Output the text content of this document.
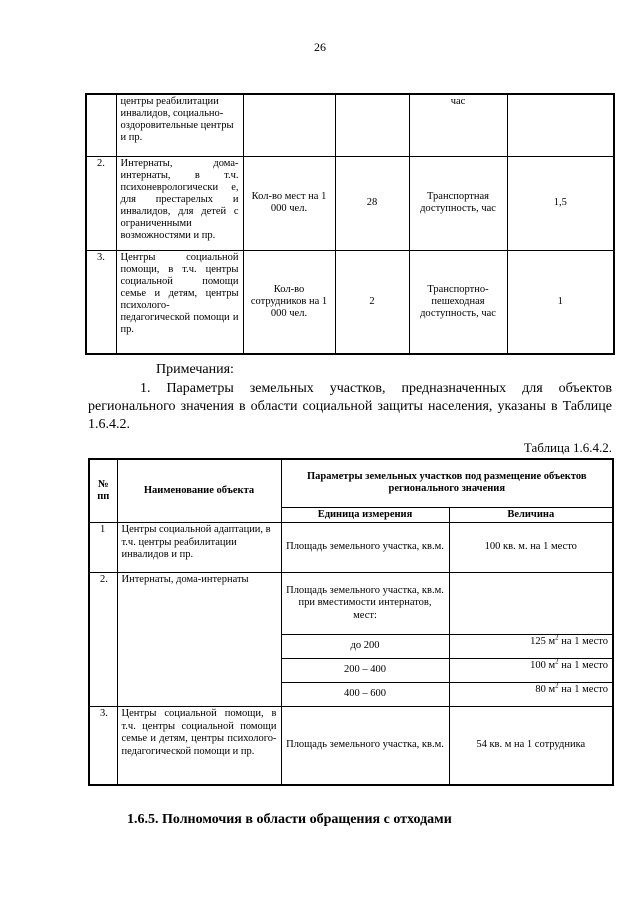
26
	центры реабилитации инвалидов, социально-оздоровительные центры и пр.			час	
2.	Интернаты, дома-интернаты, в т.ч. психоневрологически е, для престарелых и инвалидов, для детей с ограниченными возможностями и пр.	Кол-во мест на 1 000 чел.	28	Транспортная доступность, час	1,5
3.	Центры социальной помощи, в т.ч. центры социальной помощи семье и детям, центры психолого-педагогической помощи и пр.	Кол-во сотрудников на 1 000 чел.	2	Транспортно-пешеходная доступность, час	1
Примечания:
1. Параметры земельных участков, предназначенных для объектов регионального значения в области социальной защиты населения, указаны в Таблице 1.6.4.2.
Таблица 1.6.4.2.
№ пп	Наименование объекта	Параметры земельных участков под размещение объектов регионального значения	
		Единица измерения	Величина
1	Центры социальной адаптации, в т.ч. центры реабилитации инвалидов и пр.	Площадь земельного участка, кв.м.	100 кв. м. на 1 место
2.	Интернаты, дома-интернаты	Площадь земельного участка, кв.м. при вместимости интернатов, мест:	
		до 200	125 $м^2$ на 1 место
		200 – 400	100 $м^2$ на 1 место
		400 – 600	80 $м^2$ на 1 место
3.	Центры социальной помощи, в т.ч. центры социальной помощи семье и детям, центры психолого-педагогической помощи и пр.	Площадь земельного участка, кв.м.	54 кв. м на 1 сотрудника
1.6.5. Полномочия в области обращения с отходами
